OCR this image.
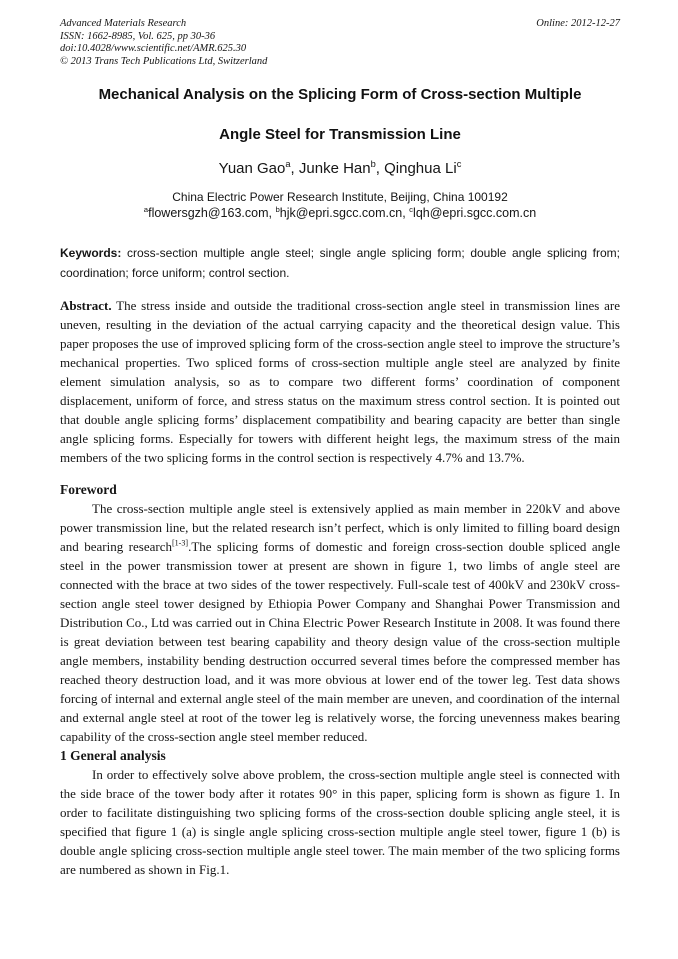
Advanced Materials Research
ISSN: 1662-8985, Vol. 625, pp 30-36
doi:10.4028/www.scientific.net/AMR.625.30
© 2013 Trans Tech Publications Ltd, Switzerland
Online: 2012-12-27
Mechanical Analysis on the Splicing Form of Cross-section Multiple
Angle Steel for Transmission Line
Yuan Gao$^a$, Junke Han$^b$, Qinghua Li$^c$
China Electric Power Research Institute, Beijing, China 100192
$^a$flowersgzh@163.com, $^b$hjk@epri.sgcc.com.cn, $^c$lqh@epri.sgcc.com.cn

Keywords: cross-section multiple angle steel; single angle splicing form; double angle splicing from; coordination; force uniform; control section.

Abstract. The stress inside and outside the traditional cross-section angle steel in transmission lines are uneven, resulting in the deviation of the actual carrying capacity and the theoretical design value. This paper proposes the use of improved splicing form of the cross-section angle steel to improve the structure’s mechanical properties. Two spliced forms of cross-section multiple angle steel are analyzed by finite element simulation analysis, so as to compare two different forms’ coordination of component displacement, uniform of force, and stress status on the maximum stress control section. It is pointed out that double angle splicing forms’ displacement compatibility and bearing capacity are better than single angle splicing forms. Especially for towers with different height legs, the maximum stress of the main members of the two splicing forms in the control section is respectively 4.7% and 13.7%.

Foreword

The cross-section multiple angle steel is extensively applied as main member in 220kV and above power transmission line, but the related research isn’t perfect, which is only limited to filling board design and bearing research[1-3].The splicing forms of domestic and foreign cross-section double spliced angle steel in the power transmission tower at present are shown in figure 1, two limbs of angle steel are connected with the brace at two sides of the tower respectively. Full-scale test of 400kV and 230kV cross-section angle steel tower designed by Ethiopia Power Company and Shanghai Power Transmission and Distribution Co., Ltd was carried out in China Electric Power Research Institute in 2008. It was found there is great deviation between test bearing capability and theory design value of the cross-section multiple angle members, instability bending destruction occurred several times before the compressed member has reached theory destruction load, and it was more obvious at lower end of the tower leg. Test data shows forcing of internal and external angle steel of the main member are uneven, and coordination of the internal and external angle steel at root of the tower leg is relatively worse, the forcing unevenness makes bearing capability of the cross-section angle steel member reduced.

1 General analysis

In order to effectively solve above problem, the cross-section multiple angle steel is connected with the side brace of the tower body after it rotates 90° in this paper, splicing form is shown as figure 1. In order to facilitate distinguishing two splicing forms of the cross-section double splicing angle steel, it is specified that figure 1 (a) is single angle splicing cross-section multiple angle steel tower, figure 1 (b) is double angle splicing cross-section multiple angle steel tower. The main member of the two splicing forms are numbered as shown in Fig.1.
